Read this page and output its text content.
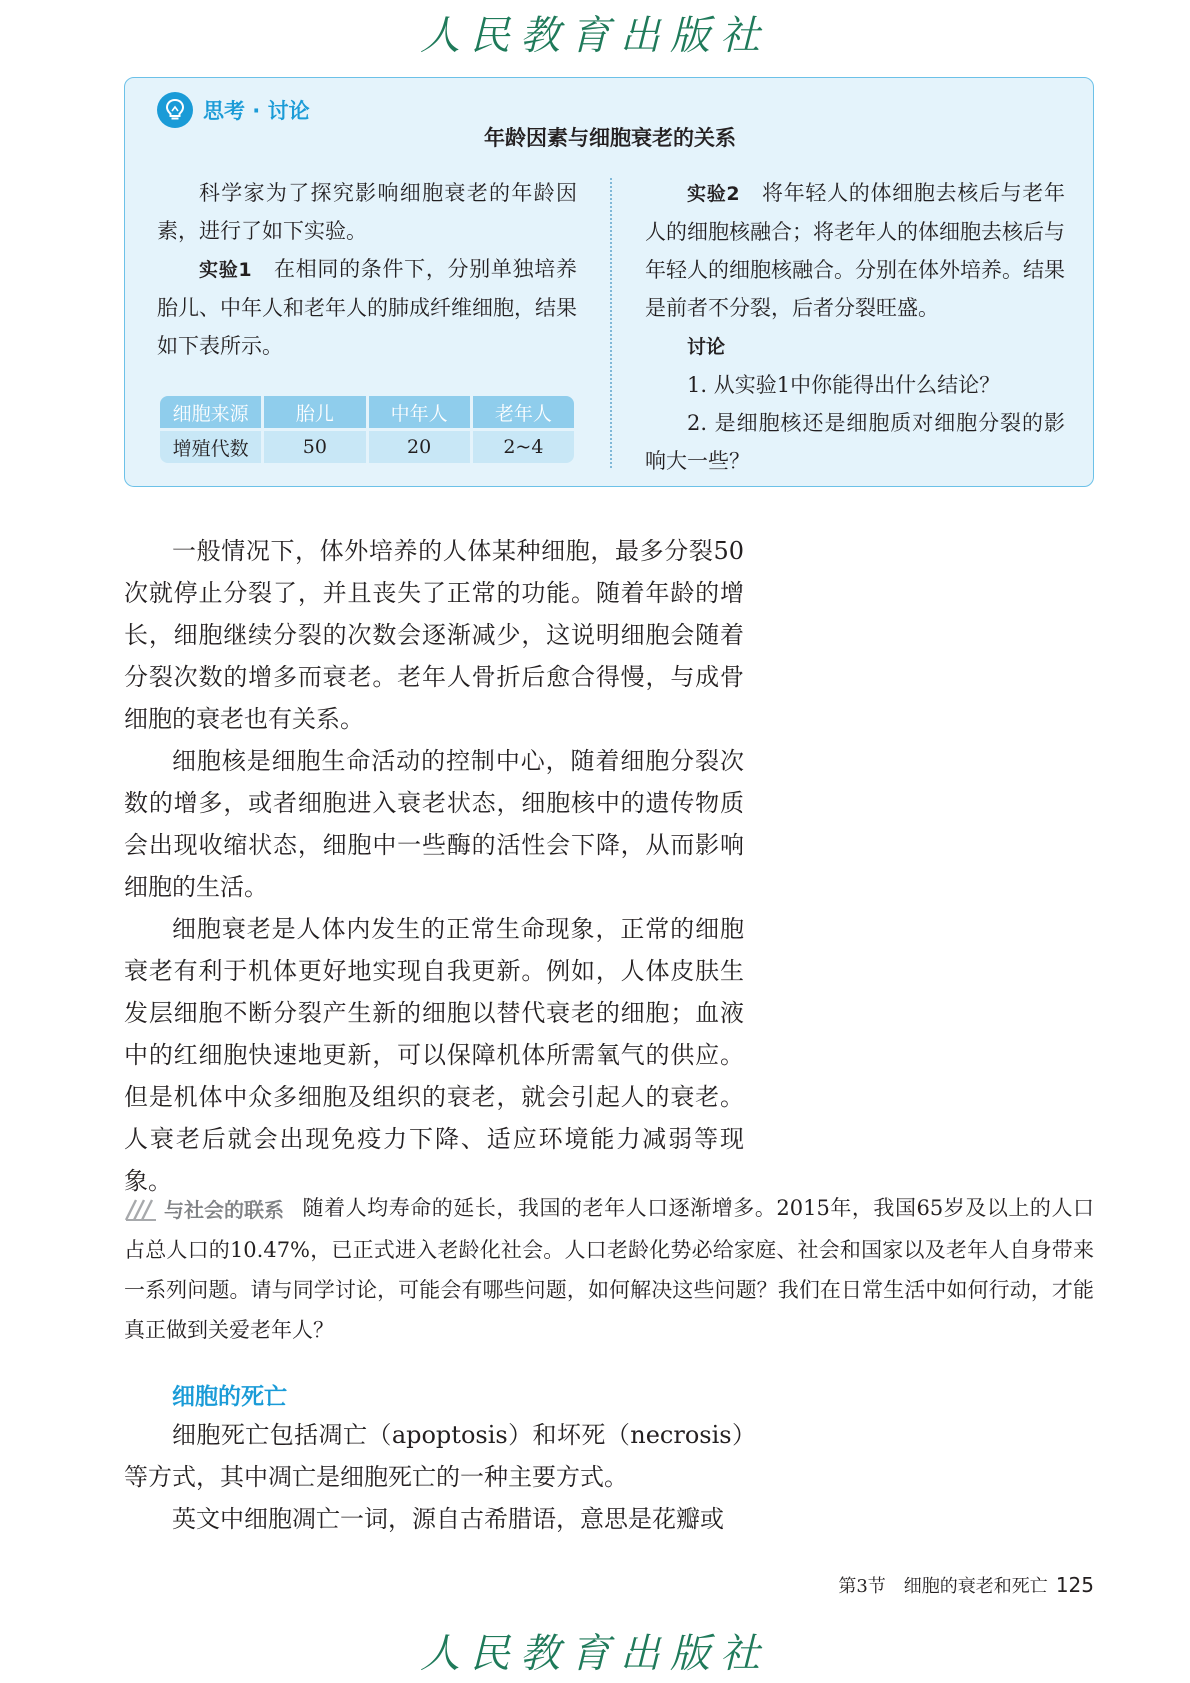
人民教育出版社
思考 · 讨论
年龄因素与细胞衰老的关系

科学家为了探究影响细胞衰老的年龄因素，进行了如下实验。

实验1　 在相同的条件下，分别单独培养胎儿、中年人和老年人的肺成纤维细胞，结果如下表所示。

细胞来源	胎儿	中年人	老年人
增殖代数	50	20	2~4

实验2　 将年轻人的体细胞去核后与老年人的细胞核融合；将老年人的体细胞去核后与年轻人的细胞核融合。分别在体外培养。结果是前者不分裂，后者分裂旺盛。

讨论

1. 从实验1中你能得出什么结论？

2. 是细胞核还是细胞质对细胞分裂的影响大一些？

一般情况下，体外培养的人体某种细胞，最多分裂50次就停止分裂了，并且丧失了正常的功能。随着年龄的增长，细胞继续分裂的次数会逐渐减少，这说明细胞会随着分裂次数的增多而衰老。老年人骨折后愈合得慢，与成骨细胞的衰老也有关系。

细胞核是细胞生命活动的控制中心，随着细胞分裂次数的增多，或者细胞进入衰老状态，细胞核中的遗传物质会出现收缩状态，细胞中一些酶的活性会下降，从而影响细胞的生活。

细胞衰老是人体内发生的正常生命现象，正常的细胞衰老有利于机体更好地实现自我更新。例如，人体皮肤生发层细胞不断分裂产生新的细胞以替代衰老的细胞；血液中的红细胞快速地更新，可以保障机体所需氧气的供应。但是机体中众多细胞及组织的衰老，就会引起人的衰老。人衰老后就会出现免疫力下降、适应环境能力减弱等现象。

与社会的联系 随着人均寿命的延长，我国的老年人口逐渐增多。2015年，我国65岁及以上的人口占总人口的10.47%，已正式进入老龄化社会。人口老龄化势必给家庭、社会和国家以及老年人自身带来一系列问题。请与同学讨论，可能会有哪些问题，如何解决这些问题？我们在日常生活中如何行动，才能真正做到关爱老年人？
细胞的死亡

细胞死亡包括凋亡（apoptosis）和坏死（necrosis）等方式，其中凋亡是细胞死亡的一种主要方式。

英文中细胞凋亡一词，源自古希腊语，意思是花瓣或

第3节　细胞的衰老和死亡 125
人民教育出版社
